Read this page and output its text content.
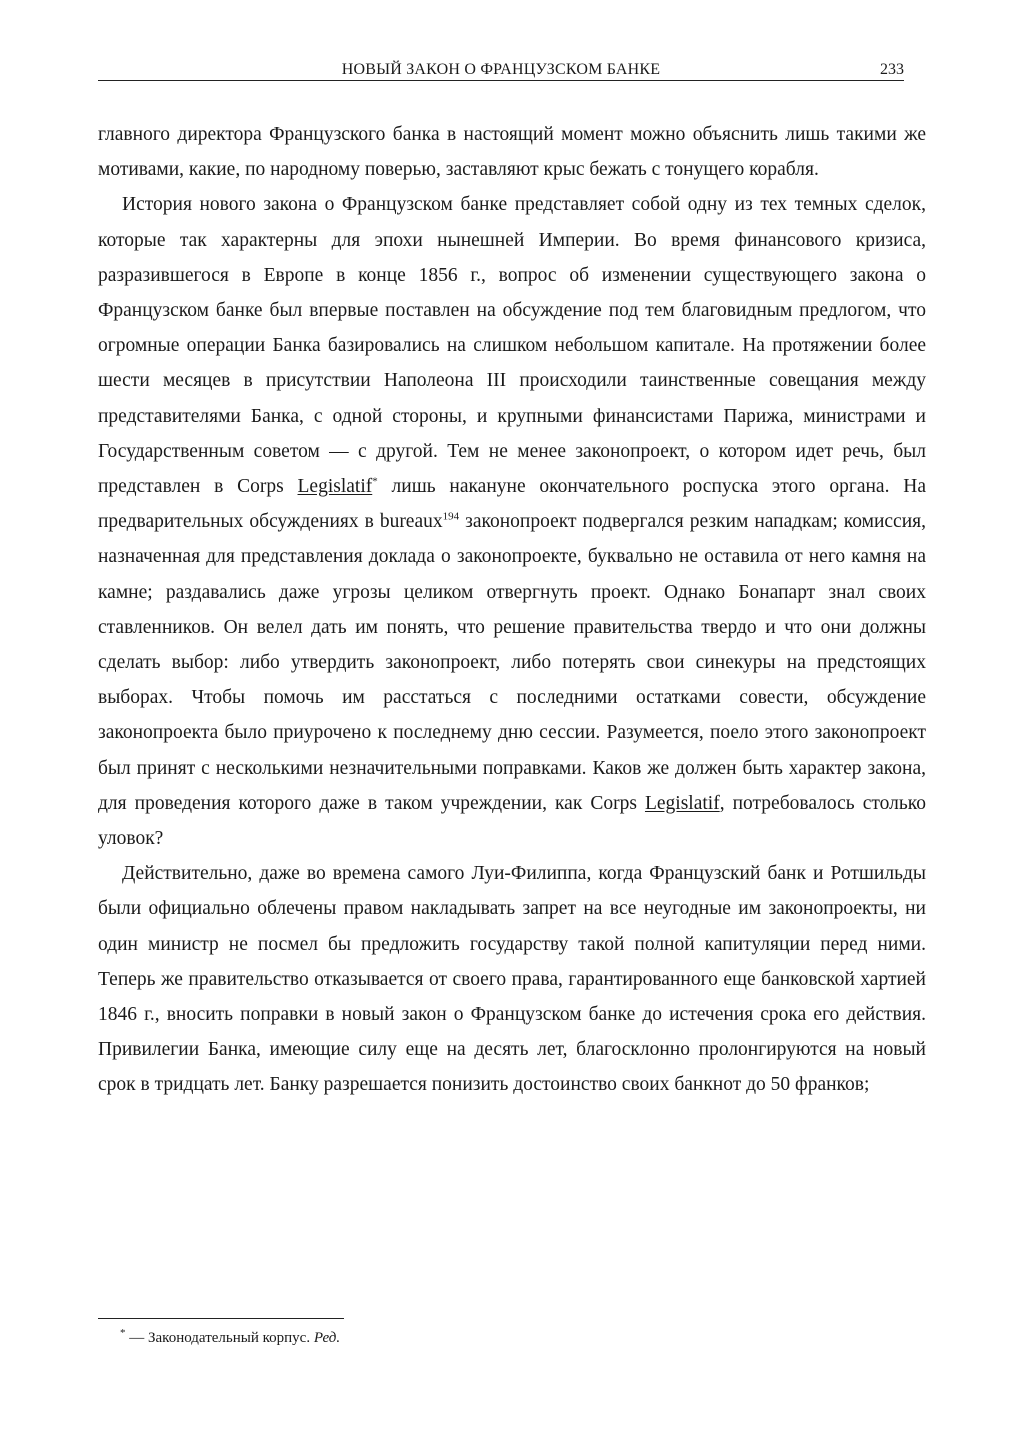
НОВЫЙ ЗАКОН О ФРАНЦУЗСКОМ БАНКЕ	233

главного директора Французского банка в настоящий момент можно объяснить лишь такими же мотивами, какие, по народному поверью, заставляют крыс бежать с тонущего корабля.

История нового закона о Французском банке представляет собой одну из тех темных сделок, которые так характерны для эпохи нынешней Империи. Во время финансового кризиса, разразившегося в Европе в конце 1856 г., вопрос об изменении существующего закона о Французском банке был впервые поставлен на обсуждение под тем благовидным предлогом, что огромные операции Банка базировались на слишком небольшом капитале. На протяжении более шести месяцев в присутствии Наполеона III происходили таинственные совещания между представителями Банка, с одной стороны, и крупными финансистами Парижа, министрами и Государственным советом — с другой. Тем не менее законопроект, о котором идет речь, был представлен в Corps Legislatif* лишь накануне окончательного роспуска этого органа. На предварительных обсуждениях в bureaux$^{194}$ законопроект подвергался резким нападкам; комиссия, назначенная для представления доклада о законопроекте, буквально не оставила от него камня на камне; раздавались даже угрозы целиком отвергнуть проект. Однако Бонапарт знал своих ставленников. Он велел дать им понять, что решение правительства твердо и что они должны сделать выбор: либо утвердить законопроект, либо потерять свои синекуры на предстоящих выборах. Чтобы помочь им расстаться с последними остатками совести, обсуждение законопроекта было приурочено к последнему дню сессии. Разумеется, поело этого законопроект был принят с несколькими незначительными поправками. Каков же должен быть характер закона, для проведения которого даже в таком учреждении, как Corps Legislatif, потребовалось столько уловок?

Действительно, даже во времена самого Луи-Филиппа, когда Французский банк и Ротшильды были официально облечены правом накладывать запрет на все неугодные им законопроекты, ни один министр не посмел бы предложить государству такой полной капитуляции перед ними. Теперь же правительство отказывается от своего права, гарантированного еще банковской хартией 1846 г., вносить поправки в новый закон о Французском банке до истечения срока его действия. Привилегии Банка, имеющие силу еще на десять лет, благосклонно пролонгируются на новый срок в тридцать лет. Банку разрешается понизить достоинство своих банкнот до 50 франков;

* — Законодательный корпус. Ред.
